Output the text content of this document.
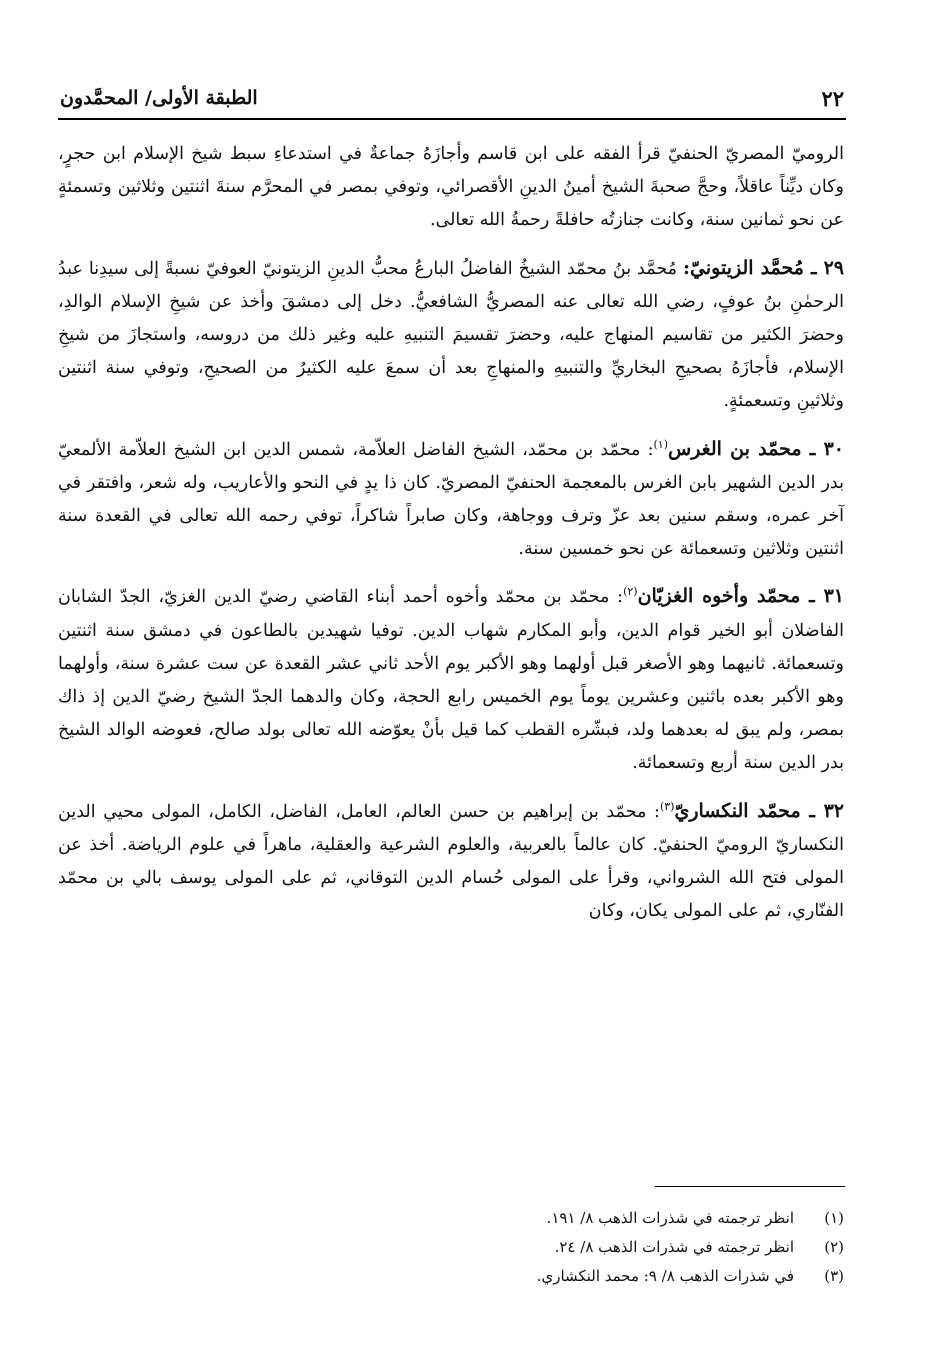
٢٢
الطبقة الأولى/ المحمَّدون

الروميّ المصريّ الحنفيّ قرأ الفقه على ابن قاسم وأجازَهُ جماعةٌ في استدعاءِ سبط شيخ الإسلام ابن حجرٍ، وكان ديِّناً عاقلاً، وحجَّ صحبةَ الشيخ أمينُ الدينِ الأقصرائي، وتوفي بمصر في المحرَّم سنةَ اثنتين وثلاثين وتسمئةٍ عن نحو ثمانين سنة، وكانت جنازتُه حافلةً رحمةُ الله تعالى.

٢٩ ـ مُحمَّد الزيتونيّ: مُحمَّد بنُ محمّد الشيخُ الفاضلُ البارعُ محبُّ الدينِ الزيتونيّ العوفيّ نسبةً إلى سيدِنا عبدُ الرحمٰنِ بنُ عوفٍ، رضي الله تعالى عنه المصريُّ الشافعيُّ. دخل إلى دمشقَ وأخذ عن شيخِ الإسلام الوالدِ، وحضرَ الكثير من تقاسيم المنهاج عليه، وحضرَ تقسيمَ التنبيهِ عليه وغير ذلك من دروسه، واستجازَ من شيخِ الإسلام، فأجازَهُ بصحيحِ البخاريِّ والتنبيهِ والمنهاجِ بعد أن سمعَ عليه الكثيرُ من الصحيحِ، وتوفي سنة اثنتين وثلاثينِ وتسعمئةٍ.

٣٠ ـ محمّد بن الغرس$^{(١)}$: محمّد بن محمّد، الشيخ الفاضل العلاّمة، شمس الدين ابن الشيخ العلاّمة الألمعيّ بدر الدين الشهير بابن الغرس بالمعجمة الحنفيّ المصريّ. كان ذا يدٍ في النحو والأعاريب، وله شعر، وافتقر في آخر عمره، وسقم سنين بعد عزّ وترف ووجاهة، وكان صابراً شاكراً، توفي رحمه الله تعالى في القعدة سنة اثنتين وثلاثين وتسعمائة عن نحو خمسين سنة.

٣١ ـ محمّد وأخوه الغزيّان$^{(٢)}$: محمّد بن محمّد وأخوه أحمد أبناء القاضي رضيّ الدين الغزيّ، الجدّ الشابان الفاضلان أبو الخير قوام الدين، وأبو المكارم شهاب الدين. توفيا شهيدين بالطاعون في دمشق سنة اثنتين وتسعمائة. ثانيهما وهو الأصغر قبل أولهما وهو الأكبر يوم الأحد ثاني عشر القعدة عن ست عشرة سنة، وأولهما وهو الأكبر بعده باثنين وعشرين يوماً يوم الخميس رابع الحجة، وكان والدهما الجدّ الشيخ رضيّ الدين إذ ذاك بمصر، ولم يبق له بعدهما ولد، فبشّره القطب كما قيل بأنْ يعوّضه الله تعالى بولد صالح، فعوضه الوالد الشيخ بدر الدين سنة أربع وتسعمائة.

٣٢ ـ محمّد النكساريّ$^{(٣)}$: محمّد بن إبراهيم بن حسن العالم، العامل، الفاضل، الكامل، المولى محيي الدين النكساريّ الروميّ الحنفيّ. كان عالماً بالعربية، والعلوم الشرعية والعقلية، ماهراً في علوم الرياضة. أخذ عن المولى فتح الله الشرواني، وقرأ على المولى حُسام الدين التوقاني، ثم على المولى يوسف بالي بن محمّد الفنّاري، ثم على المولى يكان، وكان

(١)
انظر ترجمته في شذرات الذهب ٨/ ١٩١.
(٢)
انظر ترجمته في شذرات الذهب ٨/ ٢٤.
(٣)
في شذرات الذهب ٨/ ٩: محمد النكشاري.
